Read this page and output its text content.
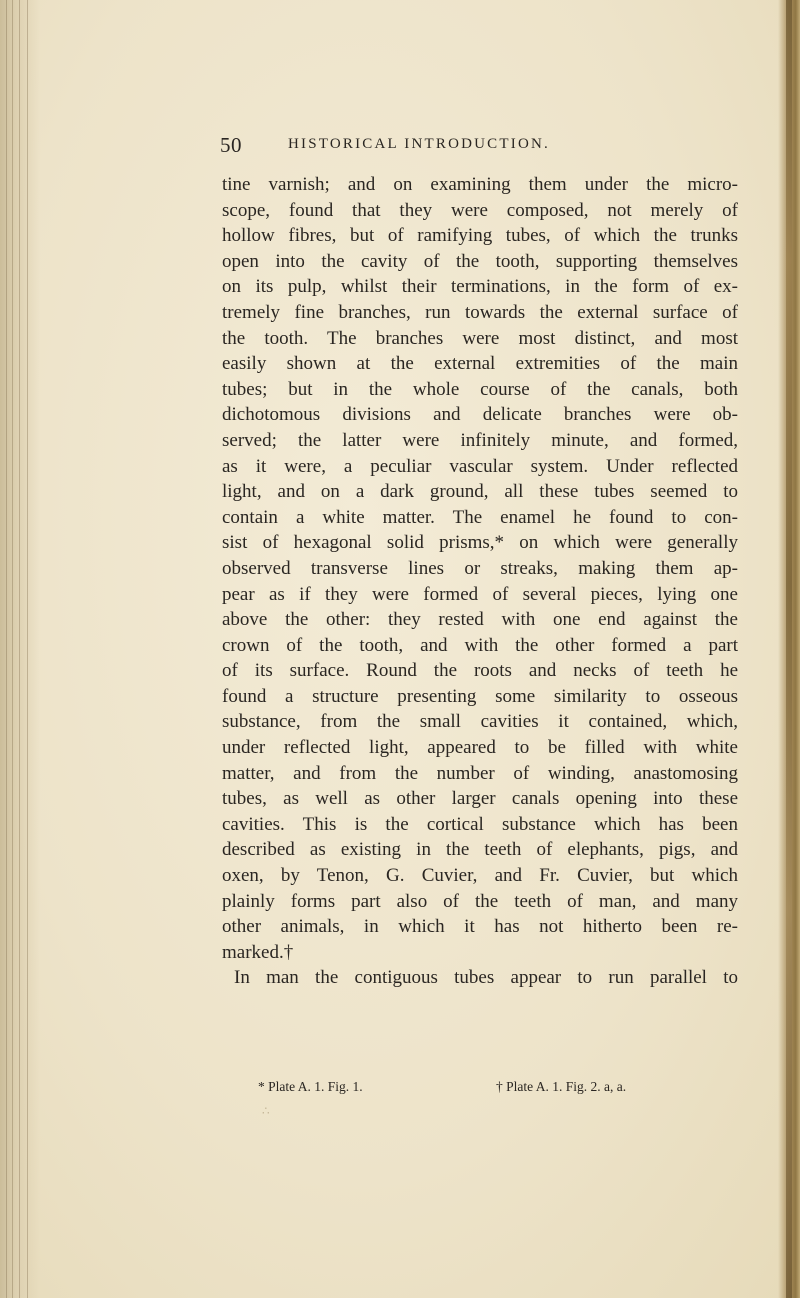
50	HISTORICAL INTRODUCTION.
tine varnish; and on examining them under the micro-
scope, found that they were composed, not merely of
hollow fibres, but of ramifying tubes, of which the trunks
open into the cavity of the tooth, supporting themselves
on its pulp, whilst their terminations, in the form of ex-
tremely fine branches, run towards the external surface of
the tooth. The branches were most distinct, and most
easily shown at the external extremities of the main
tubes; but in the whole course of the canals, both
dichotomous divisions and delicate branches were ob-
served; the latter were infinitely minute, and formed,
as it were, a peculiar vascular system. Under reflected
light, and on a dark ground, all these tubes seemed to
contain a white matter. The enamel he found to con-
sist of hexagonal solid prisms,* on which were generally
observed transverse lines or streaks, making them ap-
pear as if they were formed of several pieces, lying one
above the other: they rested with one end against the
crown of the tooth, and with the other formed a part
of its surface. Round the roots and necks of teeth he
found a structure presenting some similarity to osseous
substance, from the small cavities it contained, which,
under reflected light, appeared to be filled with white
matter, and from the number of winding, anastomosing
tubes, as well as other larger canals opening into these
cavities. This is the cortical substance which has been
described as existing in the teeth of elephants, pigs, and
oxen, by Tenon, G. Cuvier, and Fr. Cuvier, but which
plainly forms part also of the teeth of man, and many
other animals, in which it has not hitherto been re-
marked.†
In man the contiguous tubes appear to run parallel to
* Plate A. 1. Fig. 1.	† Plate A. 1. Fig. 2. a, a.
∴
